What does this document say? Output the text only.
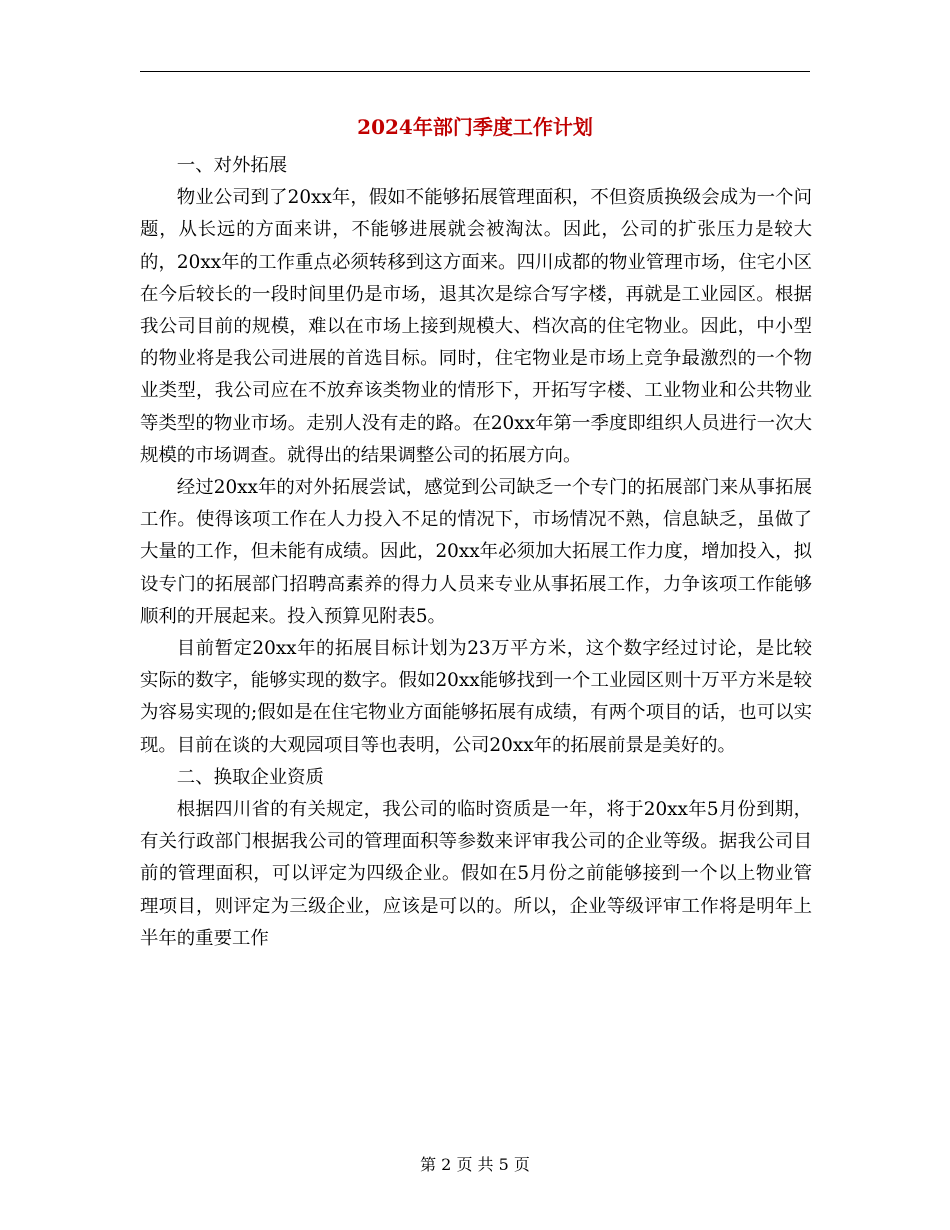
2024年部门季度工作计划

一、对外拓展

物业公司到了20xx年，假如不能够拓展管理面积，不但资质换级会成为一个问题，从长远的方面来讲，不能够进展就会被淘汰。因此，公司的扩张压力是较大的，20xx年的工作重点必须转移到这方面来。四川成都的物业管理市场，住宅小区在今后较长的一段时间里仍是市场，退其次是综合写字楼，再就是工业园区。根据我公司目前的规模，难以在市场上接到规模大、档次高的住宅物业。因此，中小型的物业将是我公司进展的首选目标。同时，住宅物业是市场上竞争最激烈的一个物业类型，我公司应在不放弃该类物业的情形下，开拓写字楼、工业物业和公共物业等类型的物业市场。走别人没有走的路。在20xx年第一季度即组织人员进行一次大规模的市场调查。就得出的结果调整公司的拓展方向。

经过20xx年的对外拓展尝试，感觉到公司缺乏一个专门的拓展部门来从事拓展工作。使得该项工作在人力投入不足的情况下，市场情况不熟，信息缺乏，虽做了大量的工作，但未能有成绩。因此，20xx年必须加大拓展工作力度，增加投入，拟设专门的拓展部门招聘高素养的得力人员来专业从事拓展工作，力争该项工作能够顺利的开展起来。投入预算见附表5。

目前暂定20xx年的拓展目标计划为23万平方米，这个数字经过讨论，是比较实际的数字，能够实现的数字。假如20xx能够找到一个工业园区则十万平方米是较为容易实现的;假如是在住宅物业方面能够拓展有成绩，有两个项目的话，也可以实现。目前在谈的大观园项目等也表明，公司20xx年的拓展前景是美好的。

二、换取企业资质

根据四川省的有关规定，我公司的临时资质是一年，将于20xx年5月份到期，有关行政部门根据我公司的管理面积等参数来评审我公司的企业等级。据我公司目前的管理面积，可以评定为四级企业。假如在5月份之前能够接到一个以上物业管理项目，则评定为三级企业，应该是可以的。所以，企业等级评审工作将是明年上半年的重要工作

第 2 页 共 5 页
